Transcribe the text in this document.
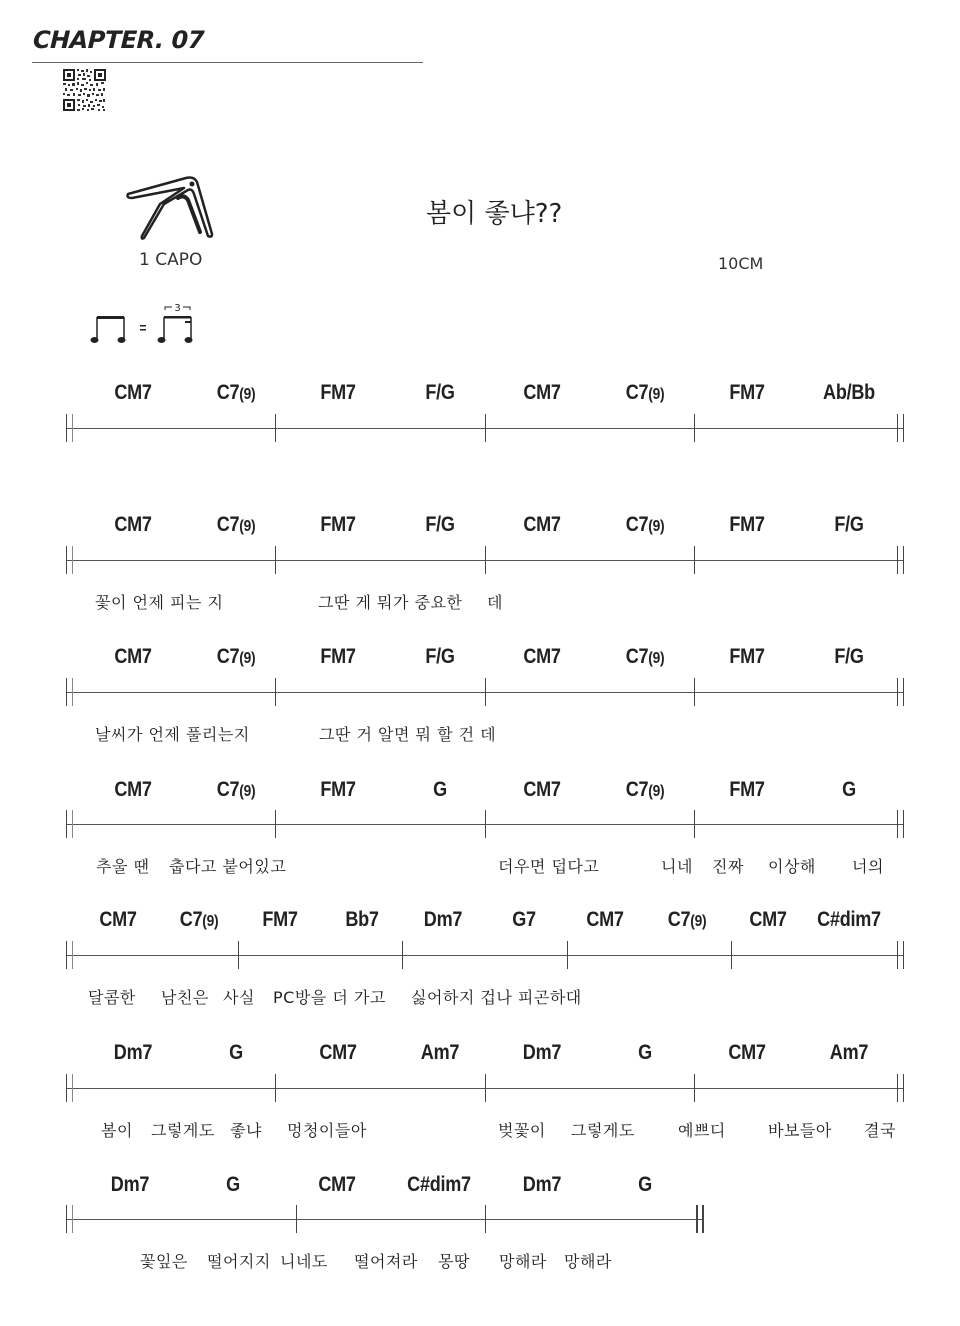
CHAPTER. 07
1 CAPO
봄이 좋냐??
10CM
3
CM7	C7(9)	FM7	F/G	CM7	C7(9)	FM7	Ab/Bb
CM7	C7(9)	FM7	F/G	CM7	C7(9)	FM7	F/G
꽃이 언제 피는 지	그딴 게 뭐가 중요한 데
CM7	C7(9)	FM7	F/G	CM7	C7(9)	FM7	F/G
날씨가 언제 풀리는지	그딴 거 알면 뭐 할 건 데
CM7	C7(9)	FM7	G	CM7	C7(9)	FM7	G
추울 땐 춥다고 붙어있고	더우면 덥다고	니네 진짜 이상해 너의
CM7 C7(9) FM7 Bb7 Dm7 G7 CM7 C7(9) CM7 C#dim7
달콤한 남친은 사실 PC방을 더 가고 싫어하지 겁나 피곤하대
Dm7	G	CM7	Am7	Dm7	G	CM7	Am7
봄이 그렇게도 좋냐 멍청이들아	벚꽃이 그렇게도	예쁘디	바보들아 결국
Dm7	G	CM7 C#dim7 Dm7	G
꽃잎은 떨어지지 니네도 떨어져라 몽땅 망해라 망해라
